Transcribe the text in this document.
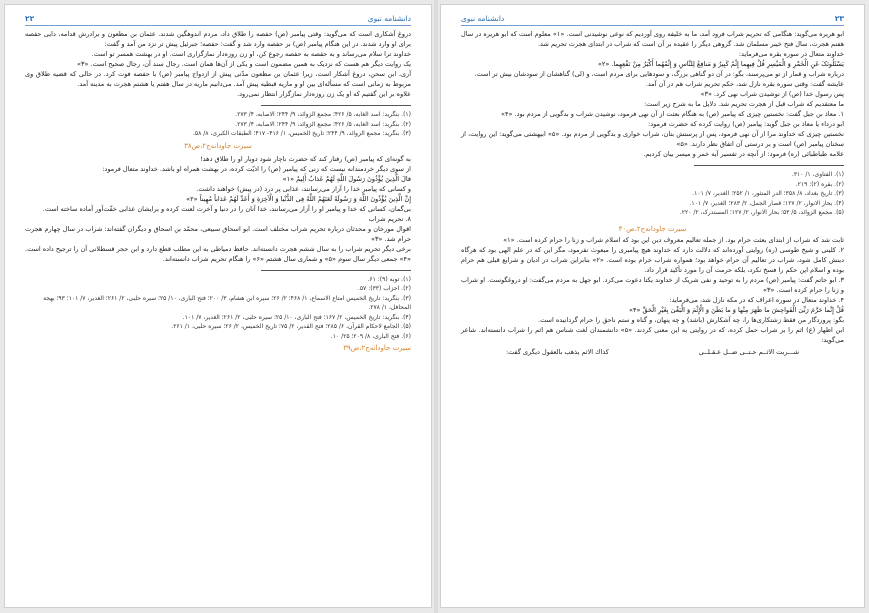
۲۳
دانشنامه نبوی

ابو هریره می‌گوید: هنگامی که تحریم شراب فرود آمد، ما به خلیفه روی آوردیم که نوعی نوشیدنی است. «۱» معلوم است که ابو هریره در سال هفتم هجرت، سال فتح خیبر مسلمان شد. گروهی دیگر را عقیده بر آن است که شراب در ابتدای هجرت تحریم شد.

خداوند متعال در سوره بقره می‌فرماید:

یَسْئَلُونَکَ عَنِ الْخَمْرِ وَ الْمَیْسِرِ قُلْ فِیهِما إِثْمٌ کَبِیرٌ وَ مَنافِعُ لِلنَّاسِ وَ إِثْمُهُما أَکْبَرُ مِنْ نَفْعِهِما. «۲»

درباره شراب و قمار از تو می‌پرسند، بگو: در آن دو گناهی بزرگ، و سودهایی برای مردم است، و (لی) گناهشان از سودشان بیش تر است.

عایشه گفت: وقتی سوره بقره نازل شد، حکم تحریم شراب هم در آن آمد.

پس رسول خدا (ص) از نوشیدن شراب نهی کرد. «۳»

ما معتقدیم که شراب قبل از هجرت تحریم شد. دلایل ما به شرح زیر است:

۱. معاذ بن جبل گفت: نخستین چیزی که پیامبر (ص) به هنگام بعثت از آن نهی فرمود، نوشیدن شراب و بدگویی از مردم بود. «۴»

ابو درداء یا معاذ بن جبل گوید: پیامبر (ص) روایت کرده که حضرت فرمود:

نخستین چیزی که خداوند مرا از آن نهی فرمود، پس از پرستش بتان، شراب خواری و بدگویی از مردم بود. «۵» ابیهشتی می‌گوید: این روایت، از سخنان پیامبر (ص) است و بر درستی آن اتفاق نظر دارند. «۵»

علامه طباطبائی (ره) فرمود: از آنچه در تفسیر آیه خمر و میسر بیان کردیم.

(۱). الفتاوى، ۱/ ۳۱۰.

(۲). بقره (۲): ۲۱۹.

(۳). تاریخ بغداد، ۸/ ۳۵۸؛ الدر المنثور، ۱/ ۲۵۲؛ الغدیر، ۷/ ۱۰۱.

(۴). بحار الانوار، ۲/ ۱۲۷؛ قصار الجمل، ۲/ ۲۸۳؛ الغدیر، ۷/ ۱۰۱.

(۵). مجمع الزوائد، ۵/ ۵۳؛ بحار الانوار، ۲/ ۱۲۷؛ المستدرک، ۲/ ۲۲۰.

سیرت جاودانه‌ج۲،ص۴۰

ثابت شد که شراب از ابتدای بعثت حرام بود. از جمله تعالیم معروف دین این بود که اسلام شراب و زنا را حرام کرده است. «۱»

۲. کلینی و شیخ طوسی (ره) روایتی آورده‌اند که دلالت دارد که خداوند هیچ پیامبری را مبعوث نفرمود، مگر این که در علم الهی بود که هرگاه دینش کامل شود، شراب در تعالیم آن حرام خواهد بود؛ همواره شراب حرام بوده است. «۲» بنابراین شراب در ادیان و شرایع قبلی هم حرام بوده و اسلام این حکم را فسخ نکرد، بلکه حرمت آن را مورد تأکید قرار داد.

۳. ابو حاتم گفت: پیامبر (ص) مردم را به توحید و نفی شریک از خداوند یکتا دعوت می‌کرد. ابو جهل به مردم می‌گفت: او دروغگوست. او شراب و زنا را حرام کرده است. «۳»

۴. خداوند متعال در سوره اعراف که در مکه نازل شد، می‌فرماید:

قُلْ إِنَّما حَرَّمَ رَبِّیَ الْفَواحِشَ ما ظَهَرَ مِنْها وَ ما بَطَنَ وَ الْإِثْمَ وَ الْبَغْیَ بِغَیْرِ الْحَقِّ «۴»

بگو: پروردگار من فقط زشتکاری‌ها را، چه آشکارش (باشد) و چه پنهان، و گناه و ستم ناحق را حرام گردانیده است.

ابن اظهار (ع) اثم را بر شراب حمل کرده، که در روایتی به این معنی کردند. «۵» دانشمندان لغت شناس هم اثم را شراب دانسته‌اند. شاعر می‌گوید:

شـــربت الاثــم حـتــى ضــل عـقـلــى
كذاك الاثم يذهب بالعقول ديگری گفت:
دانشنامه نبوی
۲۲

دروغ آشکاری است که می‌گوید: وقتی پیامبر (ص) حفصه را طلاق داد، مردم اندوهگین شدند. عثمان بن مظعون و برادرش قدامه، دایی حفصه برای او وارد شدند. در این هنگام پیامبر (ص) بر حفصه وارد شد و گفت: حفصه؛ جبرئیل پیش تر نزد من آمد و گفت:

خداوند ترا سلام می‌رساند و به حفصه به حفصه رجوع کن، او زن روزه‌دار نمازگزاری است. او در بهشت همسر تو است.

یک روایت دیگر هم هست که نزدیک به همین مضمون است و یکی از آن‌ها همان است. رجال سند آن، رجال صحیح است. «۳»

آری، ابن سحن، دروغ آشکار است، زیرا عثمان بن مظعون مدّتی پیش از ازدواج پیامبر (ص) با حفصه فوت کرد. در حالی که قضیه طلاق وی مربوط به زمانی است که مسأله‌ای بین او و ماریه قبطیه پیش آمد. می‌دانیم ماریه در سال هفتم یا هشتم هجرت به مدینه آمد.

علاوه بر این گفتیم که او یک زن روزه‌دار نمازگزار انتظار نمی‌رود.

(۱). بنگرید: اسد الغابه، ۵/ ۴۲۶؛ مجمع الزوائد، ۹/ ۲۴۴؛ الاصابه، ۴/ ۲۷۳.

(۲). بنگرید: اسد الغابه، ۵/ ۴۲۶؛ مجمع الزوائد، ۹/ ۲۴۴؛ الاصابه، ۴/ ۲۷۳.

(۳). بنگرید: مجمع الزوائد، ۹/ ۲۴۴؛ تاریخ الخمیس، ۱/ ۴۱۶- ۴۱۷؛ الطبقات الکبری، ۸/ ۵۸.

سیرت جاودانه‌ج۲،ص۳۸

به گونه‌ای که پیامبر (ص) رفتار کند که حضرت ناچار شود دوبار او را طلاق دهد!

از سوی دیگر خردمندانه نیست که زنی که پیامبر (ص) را اذیّت کرده، در بهشت همراه او باشد. خداوند متعال فرمود:

قالَ الَّذِینَ یُؤْذُونَ رَسُولَ اللَّهِ لَهُمْ عَذابٌ أَلِیمٌ «۱»

و کسانی که پیامبر خدا را آزار می‌رسانند، عذابی پر درد (در پیش) خواهند داشت.

إِنَّ الَّذِینَ یُؤْذُونَ اللَّهَ وَ رَسُولَهُ لَعَنَهُمُ اللَّهُ فِی الدُّنْیا وَ الْآخِرَةِ وَ أَعَدَّ لَهُمْ عَذاباً مُهِیناً «۲»

بی‌گمان، کسانی که خدا و پیامبر او را آزار می‌رسانند، خدا آنان را در دنیا و آخرت لعنت کرده و برایشان عذابی خفّت‌آور آماده ساخته است.

۸. تحریم شراب

اقوال مورخان و محدثان درباره تحریم شراب مختلف است. ابو اسحاق سبیعی، محمّد بن اسحاق و دیگران گفته‌اند: شراب در سال چهارم هجرت حرام شد. «۳»

برخی دیگر تحریم شراب را به سال ششم هجرت دانسته‌اند. حافظ دمیاطی به این مطلب قطع دارد و ابن حجر قسطلانی آن را ترجیح داده است. «۴» جمعی دیگر سال سوم «۵» و شماری سال هشتم «۶» را هنگام تحریم شراب دانسته‌اند.

(۱). توبه (۹): ۶۱.

(۲). احزاب (۳۳): ۵۷.

(۳). بنگرید: تاریخ الخمیس امتاع الاسماع، ۱/ ۴۶۸؛ ۲/ ۲۶؛ سیره ابن هشام، ۳/ ۲۰۰؛ فتح الباری، ۱۰/ ۲۵؛ سیره حلبی، ۲/ ۲۶۱؛ الغدیر، ۷/ ۱۰۱؛ ۹۳؛ بهجة المحافل، ۱/ ۲۷۸.

(۴). بنگرید: تاریخ الخمیس، ۲/ ۱۶۷؛ فتح الباری، ۱۰/ ۲۵؛ سیره حلبی، ۲/ ۲۶۱؛ الغدیر، ۷/ ۱۰۱.

(۵). الجامع لاحکام القرآن، ۶/ ۲۸۵؛ فتح القدیر، ۲/ ۷۵؛ تاریخ الخمیس، ۲/ ۲۶؛ سیره حلبی، ۱/ ۲۶۱.

(۶). فتح الباری، ۸/ ۲۰۹؛ ۲۵/ ۱۰.

سیرت جاودانه‌ج۲،ص۳۹
